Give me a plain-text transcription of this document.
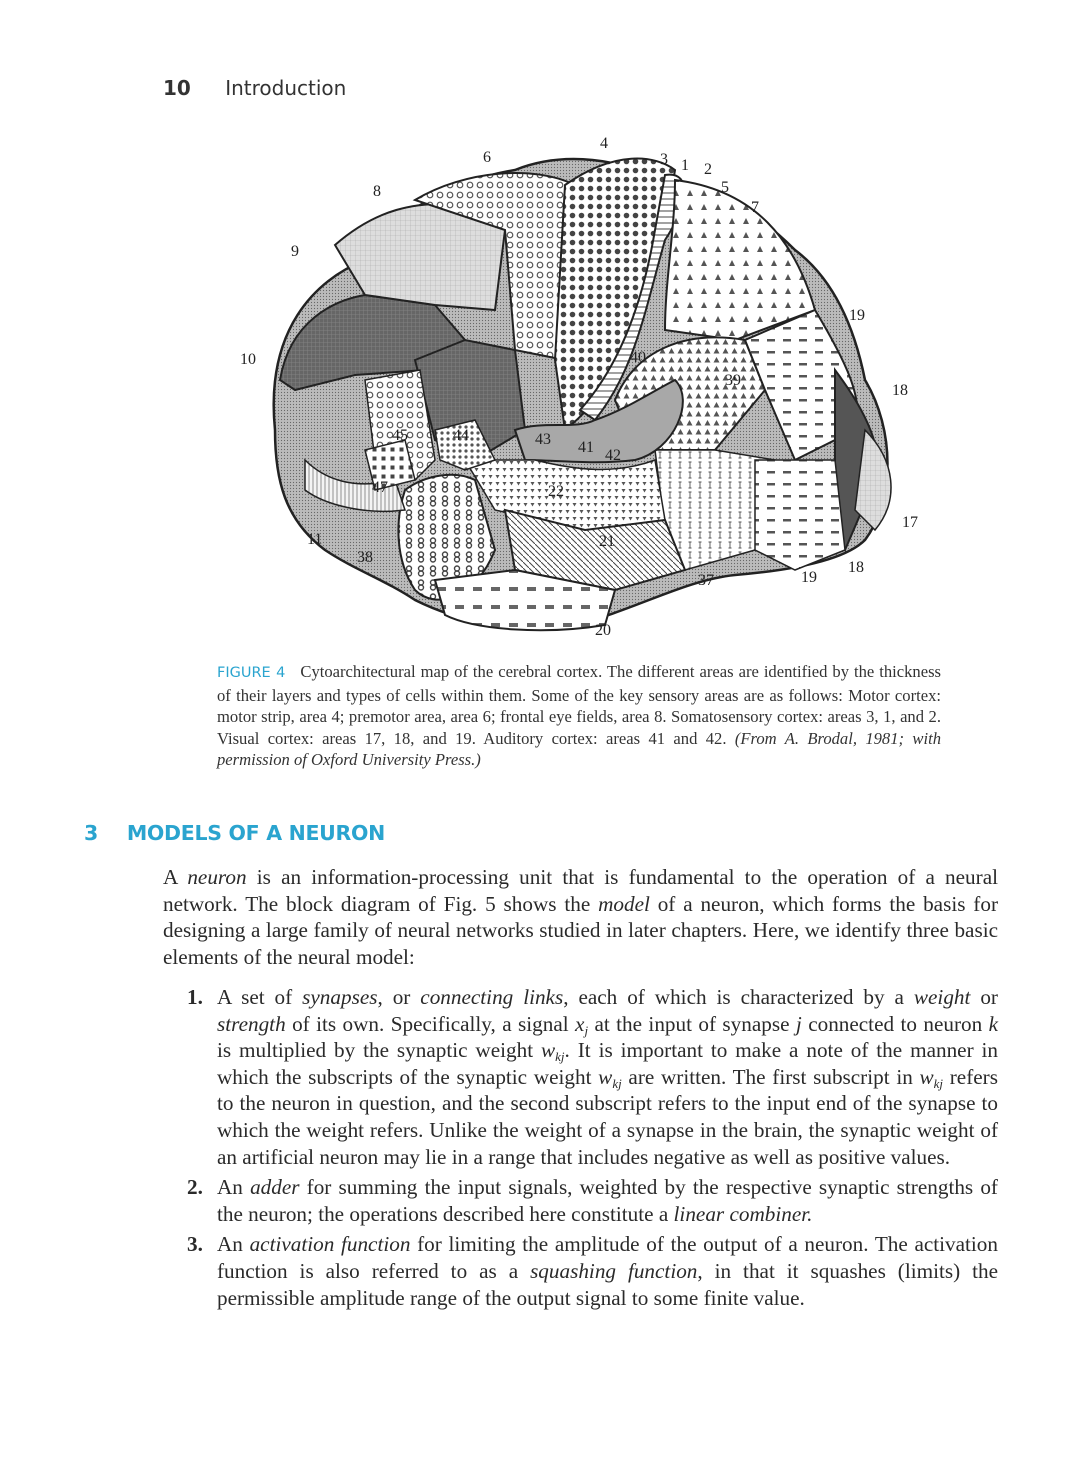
10 Introduction
4
6	3 1 2
5
7
8
9
19
10	40
18
39
45	44	43 41 42
47	22
17
11	21
38
37	19
18
20
FIGURE 4 Cytoarchitectural map of the cerebral cortex. The different areas are identified by the thickness of their layers and types of cells within them. Some of the key sensory areas are as follows: Motor cortex: motor strip, area 4; premotor area, area 6; frontal eye fields, area 8. Somatosensory cortex: areas 3, 1, and 2. Visual cortex: areas 17, 18, and 19. Auditory cortex: areas 41 and 42. (From A. Brodal, 1981; with permission of Oxford University Press.)
3 MODELS OF A NEURON

A neuron is an information-processing unit that is fundamental to the operation of a neural network. The block diagram of Fig. 5 shows the model of a neuron, which forms the basis for designing a large family of neural networks studied in later chapters. Here, we identify three basic elements of the neural model:

1. A set of synapses, or connecting links, each of which is characterized by a weight or strength of its own. Specifically, a signal $x_j$ at the input of synapse j connected to neuron k is multiplied by the synaptic weight $w_{kj}$. It is important to make a note of the manner in which the subscripts of the synaptic weight $w_{kj}$ are written. The first subscript in $w_{kj}$ refers to the neuron in question, and the second subscript refers to the input end of the synapse to which the weight refers. Unlike the weight of a synapse in the brain, the synaptic weight of an artificial neuron may lie in a range that includes negative as well as positive values.
2. An adder for summing the input signals, weighted by the respective synaptic strengths of the neuron; the operations described here constitute a linear combiner.
3. An activation function for limiting the amplitude of the output of a neuron. The activation function is also referred to as a squashing function, in that it squashes (limits) the permissible amplitude range of the output signal to some finite value.
